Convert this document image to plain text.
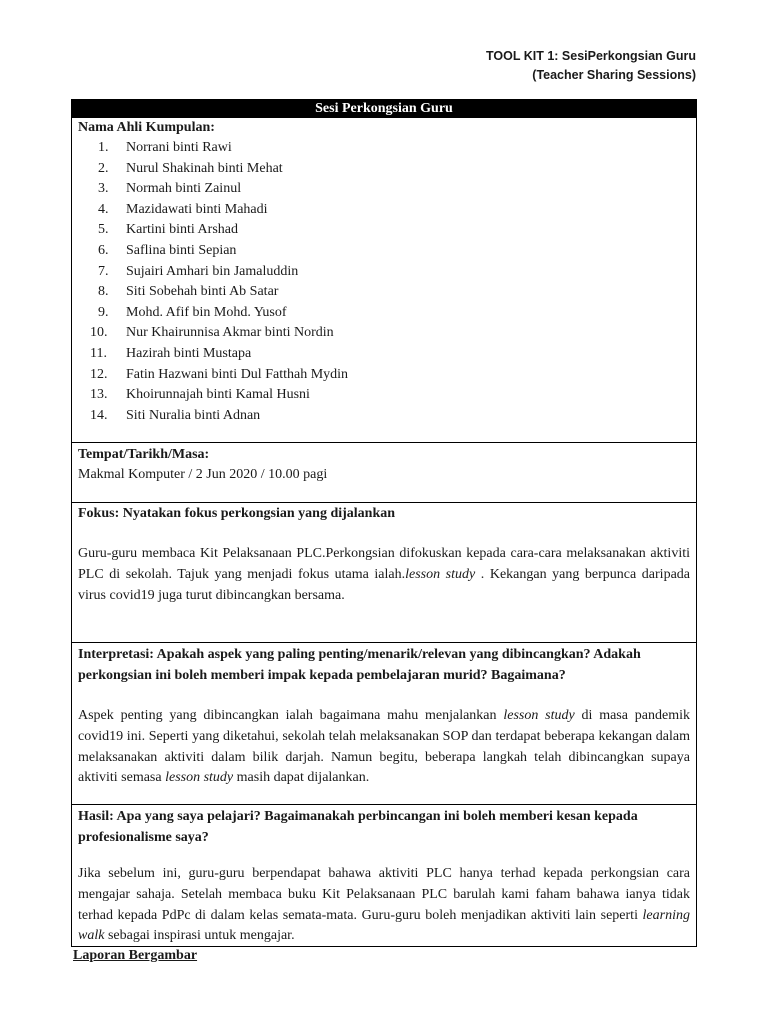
TOOL KIT 1: SesiPerkongsian Guru
(Teacher Sharing Sessions)
Sesi Perkongsian Guru
Nama Ahli Kumpulan:
1. Norrani binti Rawi
2. Nurul Shakinah binti Mehat
3. Normah binti Zainul
4. Mazidawati binti Mahadi
5. Kartini binti Arshad
6. Saflina binti Sepian
7. Sujairi Amhari bin Jamaluddin
8. Siti Sobehah binti Ab Satar
9. Mohd. Afif bin Mohd. Yusof
10. Nur Khairunnisa Akmar binti Nordin
11. Hazirah binti Mustapa
12. Fatin Hazwani binti Dul Fatthah Mydin
13. Khoirunnajah binti Kamal Husni
14. Siti Nuralia binti Adnan
Tempat/Tarikh/Masa:
Makmal Komputer / 2 Jun 2020 / 10.00 pagi
Fokus: Nyatakan fokus perkongsian yang dijalankan

Guru-guru membaca Kit Pelaksanaan PLC.Perkongsian difokuskan kepada cara-cara melaksanakan aktiviti PLC di sekolah. Tajuk yang menjadi fokus utama ialah.lesson study . Kekangan yang berpunca daripada virus covid19 juga turut dibincangkan bersama.

Interpretasi: Apakah aspek yang paling penting/menarik/relevan yang dibincangkan? Adakah perkongsian ini boleh memberi impak kepada pembelajaran murid? Bagaimana?

Aspek penting yang dibincangkan ialah bagaimana mahu menjalankan lesson study di masa pandemik covid19 ini. Seperti yang diketahui, sekolah telah melaksanakan SOP dan terdapat beberapa kekangan dalam melaksanakan aktiviti dalam bilik darjah. Namun begitu, beberapa langkah telah dibincangkan supaya aktiviti semasa lesson study masih dapat dijalankan.

Hasil: Apa yang saya pelajari? Bagaimanakah perbincangan ini boleh memberi kesan kepada profesionalisme saya?

Jika sebelum ini, guru-guru berpendapat bahawa aktiviti PLC hanya terhad kepada perkongsian cara mengajar sahaja. Setelah membaca buku Kit Pelaksanaan PLC barulah kami faham bahawa ianya tidak terhad kepada PdPc di dalam kelas semata-mata. Guru-guru boleh menjadikan aktiviti lain seperti learning walk sebagai inspirasi untuk mengajar.

Laporan Bergambar
